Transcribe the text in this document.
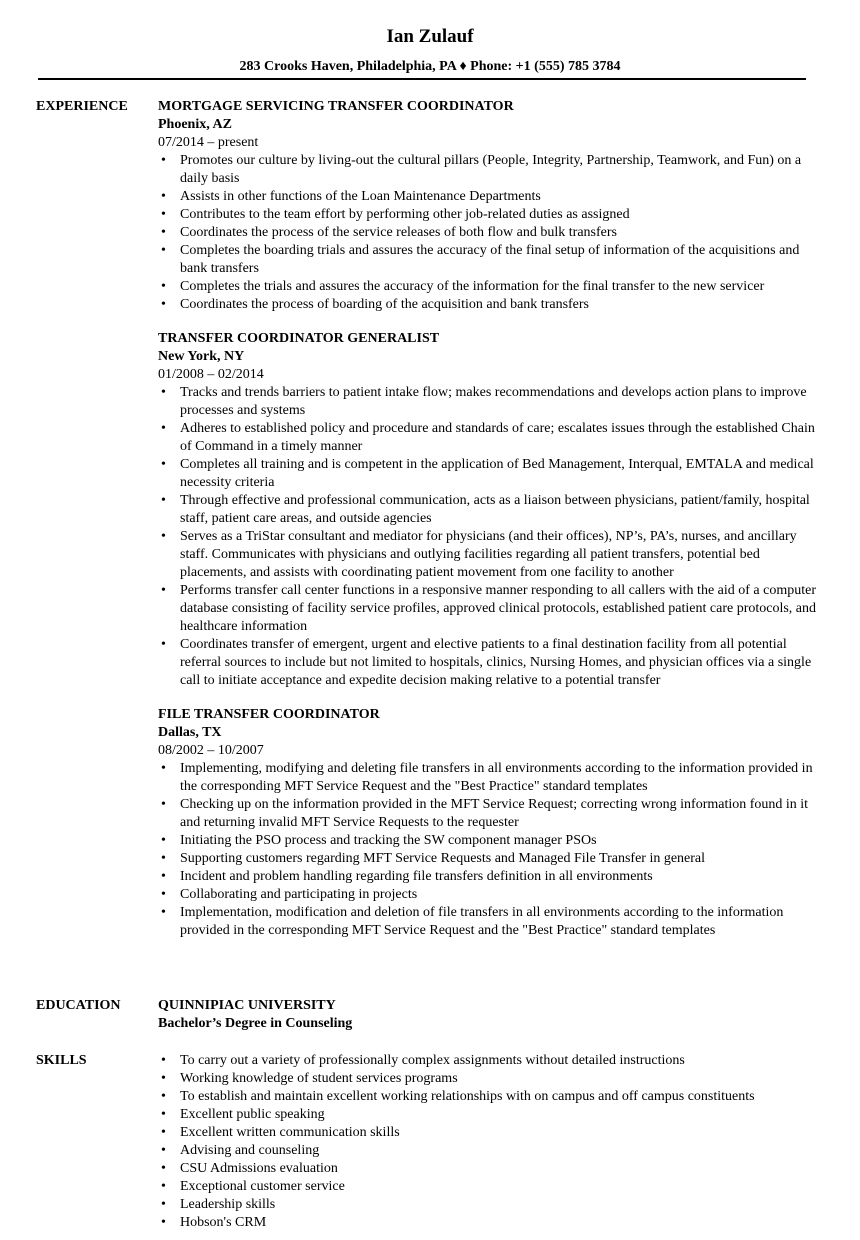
Ian Zulauf
283 Crooks Haven, Philadelphia, PA ♦ Phone: +1 (555) 785 3784
EXPERIENCE MORTGAGE SERVICING TRANSFER COORDINATOR
Phoenix, AZ
07/2014 – present
• Promotes our culture by living-out the cultural pillars (People, Integrity, Partnership, Teamwork, and Fun) on a daily basis
• Assists in other functions of the Loan Maintenance Departments
• Contributes to the team effort by performing other job-related duties as assigned
• Coordinates the process of the service releases of both flow and bulk transfers
• Completes the boarding trials and assures the accuracy of the final setup of information of the acquisitions and bank transfers
• Completes the trials and assures the accuracy of the information for the final transfer to the new servicer
• Coordinates the process of boarding of the acquisition and bank transfers
TRANSFER COORDINATOR GENERALIST
New York, NY
01/2008 – 02/2014
• Tracks and trends barriers to patient intake flow; makes recommendations and develops action plans to improve processes and systems
• Adheres to established policy and procedure and standards of care; escalates issues through the established Chain of Command in a timely manner
• Completes all training and is competent in the application of Bed Management, Interqual, EMTALA and medical necessity criteria
• Through effective and professional communication, acts as a liaison between physicians, patient/family, hospital staff, patient care areas, and outside agencies
• Serves as a TriStar consultant and mediator for physicians (and their offices), NP’s, PA’s, nurses, and ancillary staff. Communicates with physicians and outlying facilities regarding all patient transfers, potential bed placements, and assists with coordinating patient movement from one facility to another
• Performs transfer call center functions in a responsive manner responding to all callers with the aid of a computer database consisting of facility service profiles, approved clinical protocols, established patient care protocols, and healthcare information
• Coordinates transfer of emergent, urgent and elective patients to a final destination facility from all potential referral sources to include but not limited to hospitals, clinics, Nursing Homes, and physician offices via a single call to initiate acceptance and expedite decision making relative to a potential transfer
FILE TRANSFER COORDINATOR
Dallas, TX
08/2002 – 10/2007
• Implementing, modifying and deleting file transfers in all environments according to the information provided in the corresponding MFT Service Request and the "Best Practice" standard templates
• Checking up on the information provided in the MFT Service Request; correcting wrong information found in it and returning invalid MFT Service Requests to the requester
• Initiating the PSO process and tracking the SW component manager PSOs
• Supporting customers regarding MFT Service Requests and Managed File Transfer in general
• Incident and problem handling regarding file transfers definition in all environments
• Collaborating and participating in projects
• Implementation, modification and deletion of file transfers in all environments according to the information provided in the corresponding MFT Service Request and the "Best Practice" standard templates
EDUCATION	QUINNIPIAC UNIVERSITY
Bachelor’s Degree in Counseling
SKILLS	• To carry out a variety of professionally complex assignments without detailed instructions
• Working knowledge of student services programs
• To establish and maintain excellent working relationships with on campus and off campus constituents
• Excellent public speaking
• Excellent written communication skills
• Advising and counseling
• CSU Admissions evaluation
• Exceptional customer service
• Leadership skills
• Hobson's CRM
